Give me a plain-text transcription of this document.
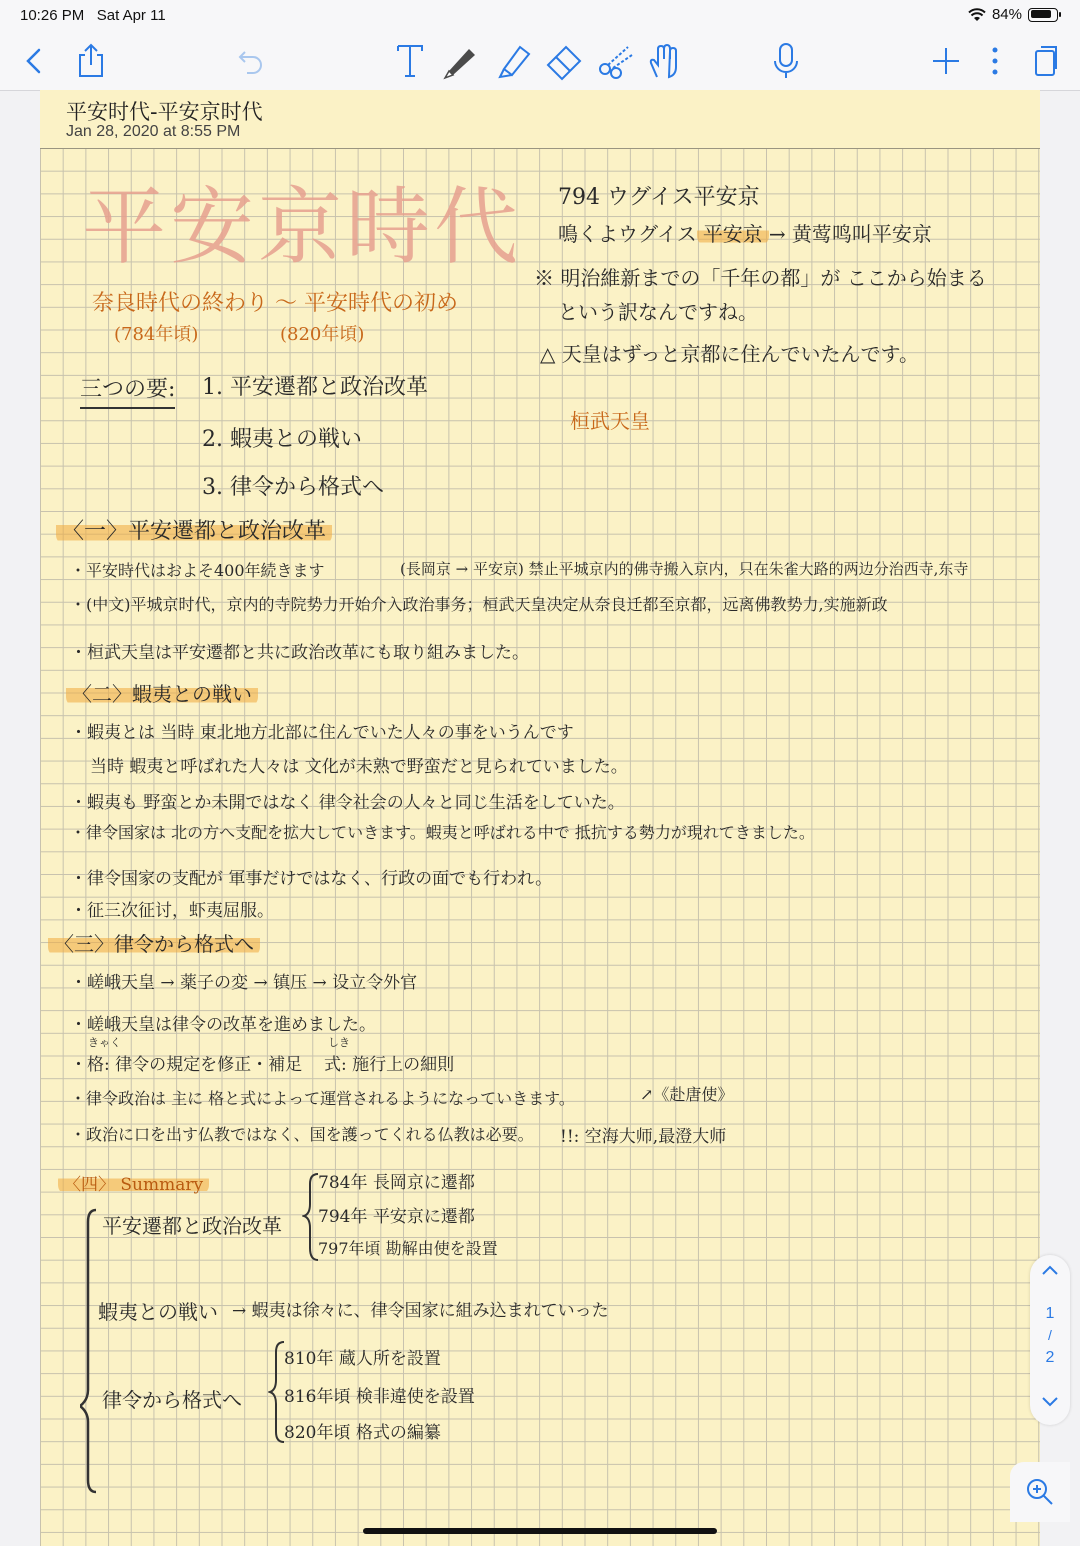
10:26 PM Sat Apr 11	84%
平安时代-平安京时代
Jan 28, 2020 at 8:55 PM
平安京時代
奈良時代の終わり ～ 平安時代の初め
(784年頃)	(820年頃)
794 ウグイス平安京
鳴くよウグイス 平安京 → 黄莺鸣叫平安京
※ 明治維新までの「千年の都」が ここから始まる
という訳なんですね。
△ 天皇はずっと京都に住んでいたんです。
桓武天皇
三つの要: 1. 平安遷都と政治改革
2. 蝦夷との戦い
3. 律令から格式へ
〈一〉平安遷都と政治改革
・平安時代はおよそ400年続きます	(長岡京 → 平安京) 禁止平城京内的佛寺搬入京内，只在朱雀大路的两边分治西寺,东寺
・(中文)平城京时代，京内的寺院势力开始介入政治事务；桓武天皇决定从奈良迁都至京都，远离佛教势力,实施新政
・桓武天皇は平安遷都と共に政治改革にも取り組みました。
〈二〉蝦夷との戦い
・蝦夷とは 当時 東北地方北部に住んでいた人々の事をいうんです
当時 蝦夷と呼ばれた人々は 文化が未熟で野蛮だと見られていました。
・蝦夷も 野蛮とか未開ではなく 律令社会の人々と同じ生活をしていた。
・律令国家は 北の方へ支配を拡大していきます。蝦夷と呼ばれる中で 抵抗する勢力が現れてきました。
・律令国家の支配が 軍事だけではなく、行政の面でも行われ。
・征三次征讨，虾夷屈服。
〈三〉律令から格式へ
・嵯峨天皇 → 薬子の変 → 镇压 → 设立令外官
・嵯峨天皇は律令の改革を進めました。
きゃく	しき
・格: 律令の規定を修正・補足 式: 施行上の細則
・律令政治は 主に 格と式によって運営されるようになっていきます。	↗《赴唐使》
・政治に口を出す仏教ではなく、国を護ってくれる仏教は必要。 !!: 空海大师,最澄大师
〈四〉 Summary
平安遷都と政治改革
784年 長岡京に遷都
794年 平安京に遷都
797年頃 勘解由使を設置
蝦夷との戦い → 蝦夷は徐々に、律令国家に組み込まれていった
律令から格式へ
810年 蔵人所を設置
816年頃 検非違使を設置
820年頃 格式の編纂
1
/
2
